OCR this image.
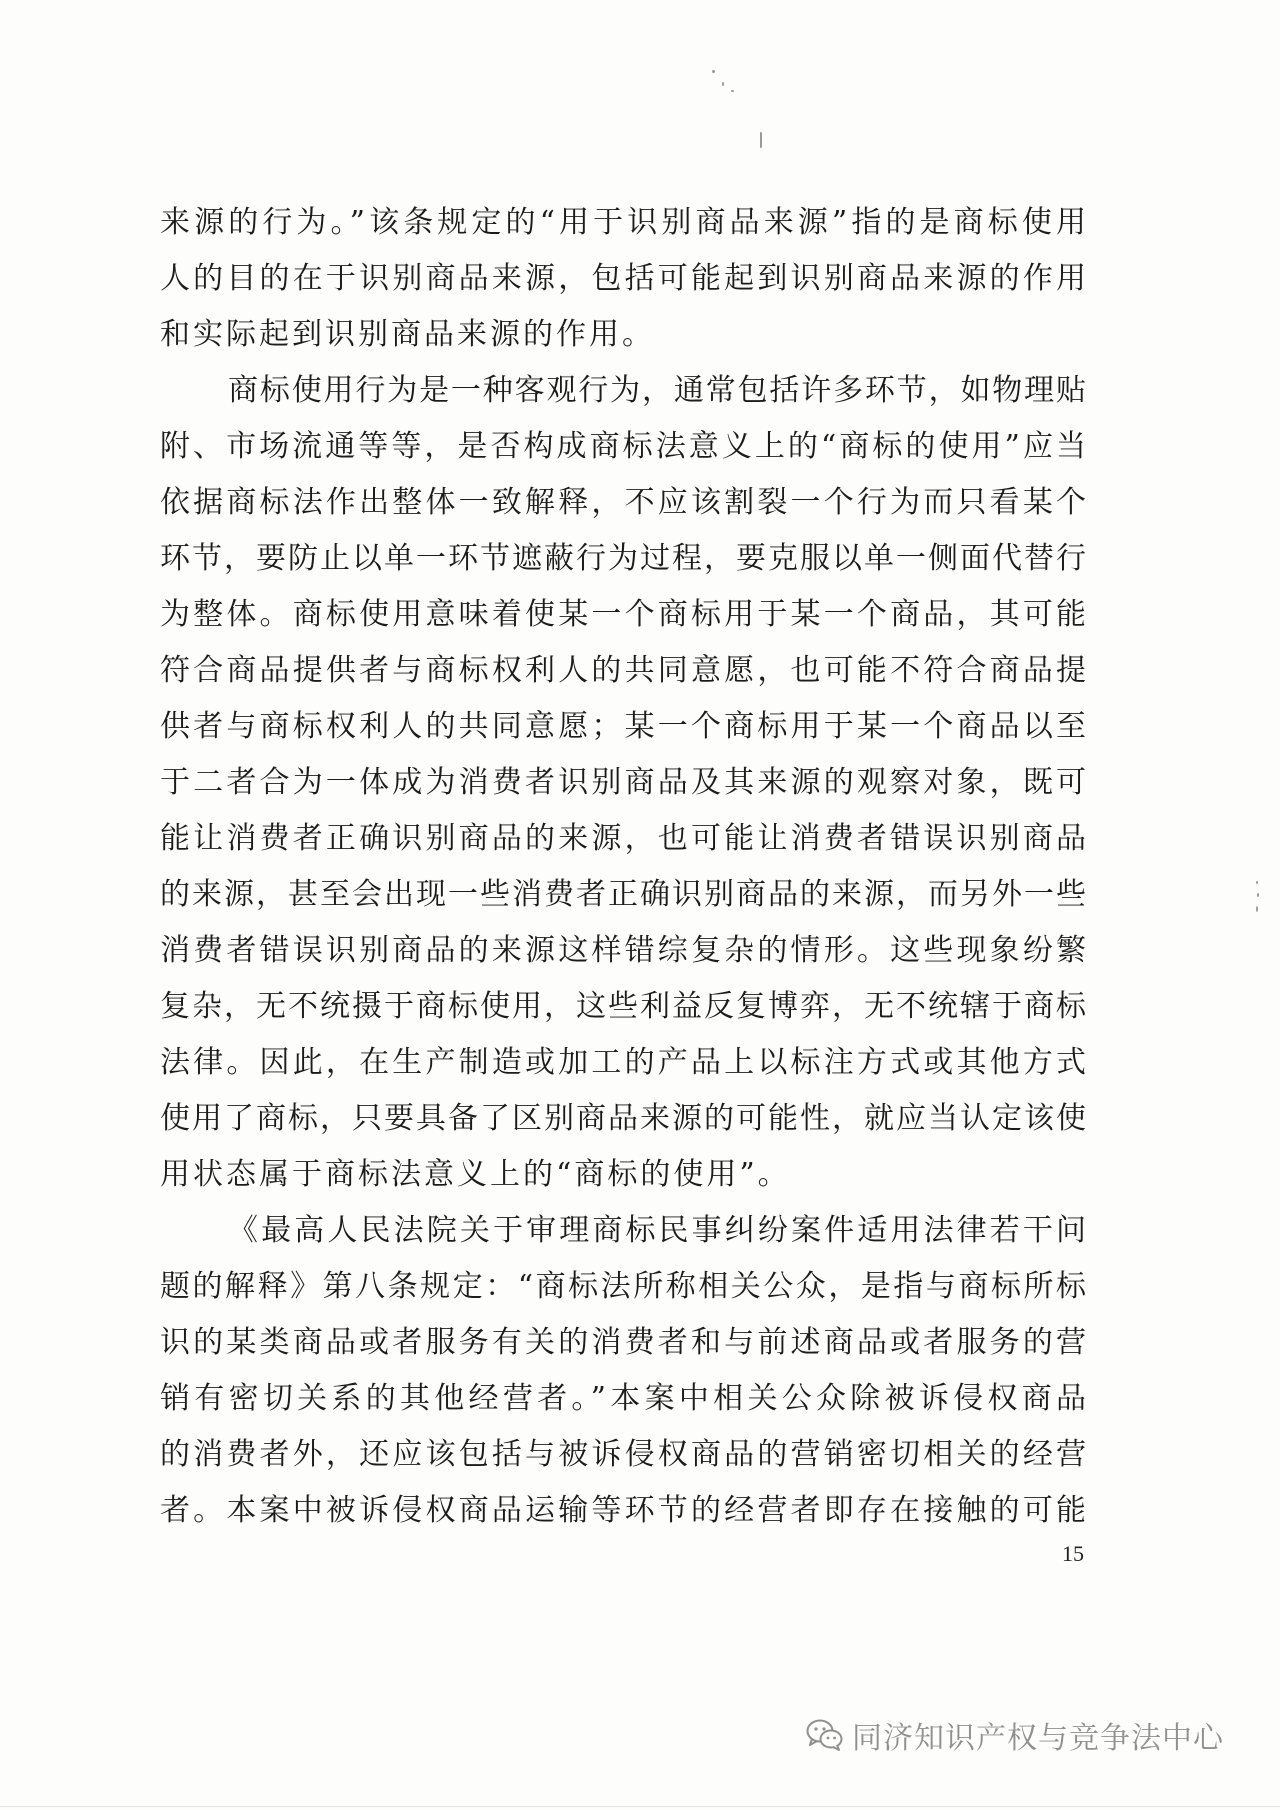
来源的行为。”该条规定的“用于识别商品来源”指的是商标使用
人的目的在于识别商品来源，包括可能起到识别商品来源的作用
和实际起到识别商品来源的作用。
商标使用行为是一种客观行为，通常包括许多环节，如物理贴
附、市场流通等等，是否构成商标法意义上的“商标的使用”应当
依据商标法作出整体一致解释，不应该割裂一个行为而只看某个
环节，要防止以单一环节遮蔽行为过程，要克服以单一侧面代替行
为整体。商标使用意味着使某一个商标用于某一个商品，其可能
符合商品提供者与商标权利人的共同意愿，也可能不符合商品提
供者与商标权利人的共同意愿；某一个商标用于某一个商品以至
于二者合为一体成为消费者识别商品及其来源的观察对象，既可
能让消费者正确识别商品的来源，也可能让消费者错误识别商品
的来源，甚至会出现一些消费者正确识别商品的来源，而另外一些
消费者错误识别商品的来源这样错综复杂的情形。这些现象纷繁
复杂，无不统摄于商标使用，这些利益反复博弈，无不统辖于商标
法律。因此，在生产制造或加工的产品上以标注方式或其他方式
使用了商标，只要具备了区别商品来源的可能性，就应当认定该使
用状态属于商标法意义上的“商标的使用”。
《最高人民法院关于审理商标民事纠纷案件适用法律若干问
题的解释》第八条规定：“商标法所称相关公众，是指与商标所标
识的某类商品或者服务有关的消费者和与前述商品或者服务的营
销有密切关系的其他经营者。”本案中相关公众除被诉侵权商品
的消费者外，还应该包括与被诉侵权商品的营销密切相关的经营
者。本案中被诉侵权商品运输等环节的经营者即存在接触的可能
15
同济知识产权与竞争法中心
